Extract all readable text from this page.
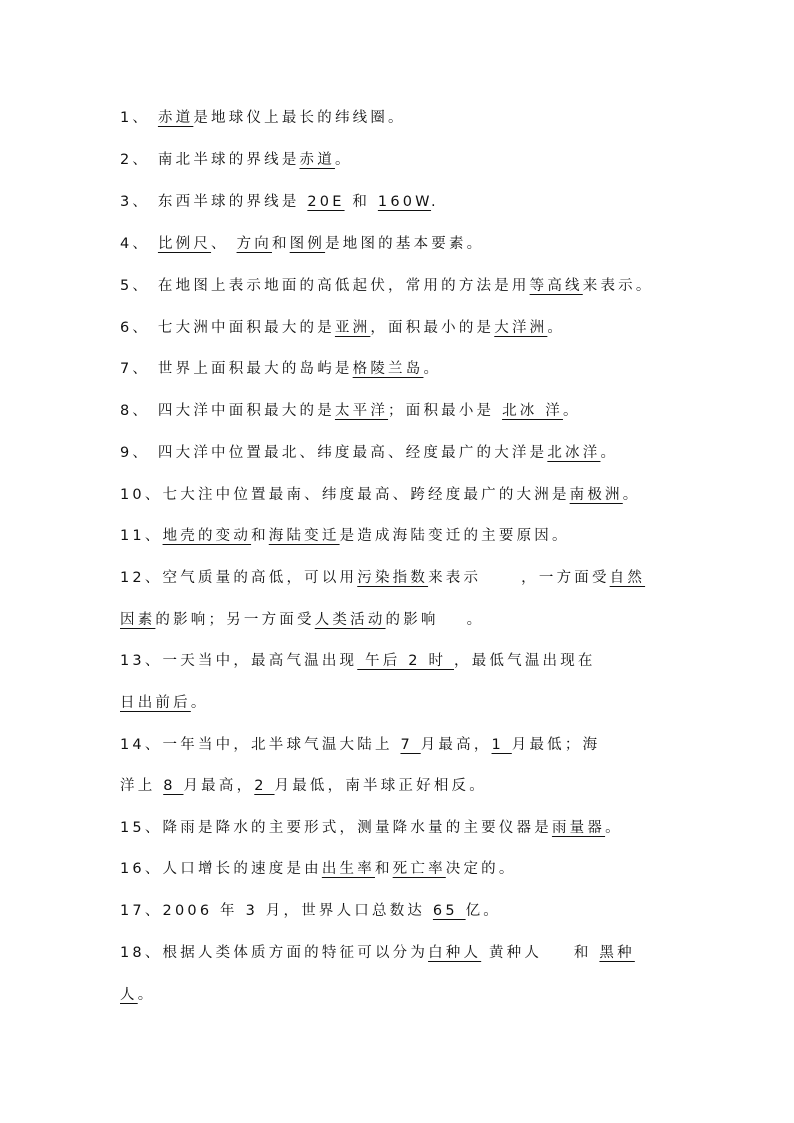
1、 赤道是地球仪上最长的纬线圈。
2、 南北半球的界线是赤道。
3、 东西半球的界线是 20E 和 160W.
4、 比例尺、 方向和图例是地图的基本要素。
5、 在地图上表示地面的高低起伏，常用的方法是用等高线来表示。
6、 七大洲中面积最大的是亚洲，面积最小的是大洋洲。
7、 世界上面积最大的岛屿是格陵兰岛。
8、 四大洋中面积最大的是太平洋；面积最小是 北冰 洋。
9、 四大洋中位置最北、纬度最高、经度最广的大洋是北冰洋。
10、七大注中位置最南、纬度最高、跨经度最广的大洲是南极洲。
11、地壳的变动和海陆变迁是造成海陆变迁的主要原因。
12、空气质量的高低，可以用污染指数来表示	，一方面受自然
因素的影响；另一方面受人类活动的影响 。
13、一天当中，最高气温出现 午后 2 时 ，最低气温出现在
日出前后。
14、一年当中，北半球气温大陆上 7 月最高，1 月最低；海
洋上 8 月最高，2 月最低，南半球正好相反。
15、降雨是降水的主要形式，测量降水量的主要仪器是雨量器。
16、人口增长的速度是由出生率和死亡率决定的。
17、2006 年 3 月，世界人口总数达 65 亿。
18、根据人类体质方面的特征可以分为白种人 黄种人 和 黑种
人。
